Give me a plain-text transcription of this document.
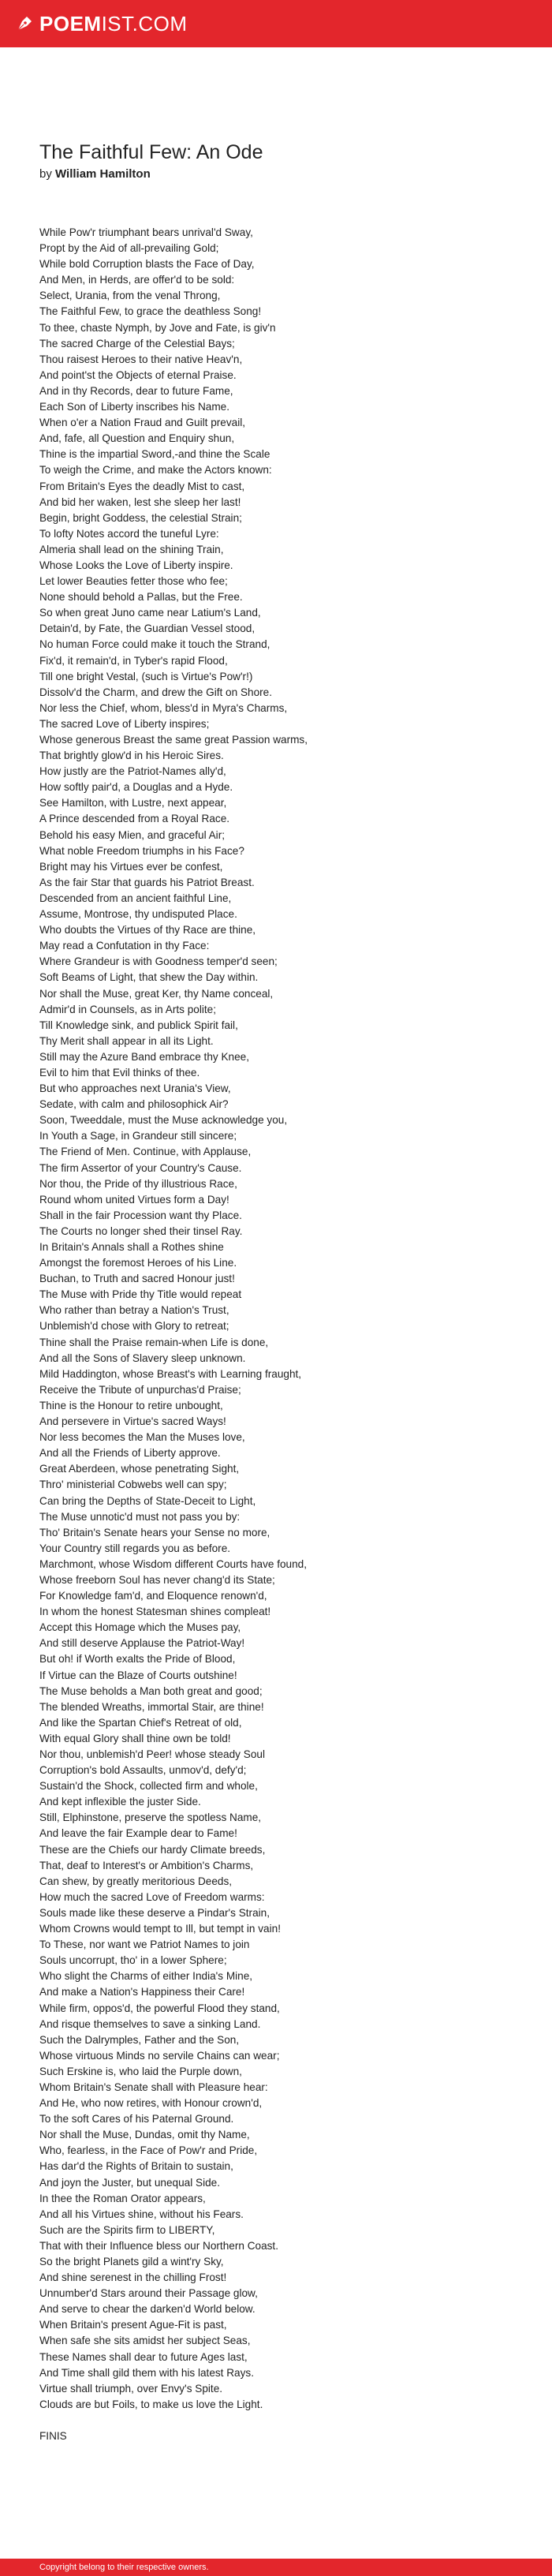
POEMIST.COM
The Faithful Few: An Ode
by William Hamilton
While Pow'r triumphant bears unrival'd Sway,
Propt by the Aid of all-prevailing Gold;
While bold Corruption blasts the Face of Day,
And Men, in Herds, are offer'd to be sold:
Select, Urania, from the venal Throng,
The Faithful Few, to grace the deathless Song!
To thee, chaste Nymph, by Jove and Fate, is giv'n
The sacred Charge of the Celestial Bays;
Thou raisest Heroes to their native Heav'n,
And point'st the Objects of eternal Praise.
And in thy Records, dear to future Fame,
Each Son of Liberty inscribes his Name.
When o'er a Nation Fraud and Guilt prevail,
And, fafe, all Question and Enquiry shun,
Thine is the impartial Sword,-and thine the Scale
To weigh the Crime, and make the Actors known:
From Britain's Eyes the deadly Mist to cast,
And bid her waken, lest she sleep her last!
Begin, bright Goddess, the celestial Strain;
To lofty Notes accord the tuneful Lyre:
Almeria shall lead on the shining Train,
Whose Looks the Love of Liberty inspire.
Let lower Beauties fetter those who fee;
None should behold a Pallas, but the Free.
So when great Juno came near Latium's Land,
Detain'd, by Fate, the Guardian Vessel stood,
No human Force could make it touch the Strand,
Fix'd, it remain'd, in Tyber's rapid Flood,
Till one bright Vestal, (such is Virtue's Pow'r!)
Dissolv'd the Charm, and drew the Gift on Shore.
Nor less the Chief, whom, bless'd in Myra's Charms,
The sacred Love of Liberty inspires;
Whose generous Breast the same great Passion warms,
That brightly glow'd in his Heroic Sires.
How justly are the Patriot-Names ally'd,
How softly pair'd, a Douglas and a Hyde.
See Hamilton, with Lustre, next appear,
A Prince descended from a Royal Race.
Behold his easy Mien, and graceful Air;
What noble Freedom triumphs in his Face?
Bright may his Virtues ever be confest,
As the fair Star that guards his Patriot Breast.
Descended from an ancient faithful Line,
Assume, Montrose, thy undisputed Place.
Who doubts the Virtues of thy Race are thine,
May read a Confutation in thy Face:
Where Grandeur is with Goodness temper'd seen;
Soft Beams of Light, that shew the Day within.
Nor shall the Muse, great Ker, thy Name conceal,
Admir'd in Counsels, as in Arts polite;
Till Knowledge sink, and publick Spirit fail,
Thy Merit shall appear in all its Light.
Still may the Azure Band embrace thy Knee,
Evil to him that Evil thinks of thee.
But who approaches next Urania's View,
Sedate, with calm and philosophick Air?
Soon, Tweeddale, must the Muse acknowledge you,
In Youth a Sage, in Grandeur still sincere;
The Friend of Men. Continue, with Applause,
The firm Assertor of your Country's Cause.
Nor thou, the Pride of thy illustrious Race,
Round whom united Virtues form a Day!
Shall in the fair Procession want thy Place.
The Courts no longer shed their tinsel Ray.
In Britain's Annals shall a Rothes shine
Amongst the foremost Heroes of his Line.
Buchan, to Truth and sacred Honour just!
The Muse with Pride thy Title would repeat
Who rather than betray a Nation's Trust,
Unblemish'd chose with Glory to retreat;
Thine shall the Praise remain-when Life is done,
And all the Sons of Slavery sleep unknown.
Mild Haddington, whose Breast's with Learning fraught,
Receive the Tribute of unpurchas'd Praise;
Thine is the Honour to retire unbought,
And persevere in Virtue's sacred Ways!
Nor less becomes the Man the Muses love,
And all the Friends of Liberty approve.
Great Aberdeen, whose penetrating Sight,
Thro' ministerial Cobwebs well can spy;
Can bring the Depths of State-Deceit to Light,
The Muse unnotic'd must not pass you by:
Tho' Britain's Senate hears your Sense no more,
Your Country still regards you as before.
Marchmont, whose Wisdom different Courts have found,
Whose freeborn Soul has never chang'd its State;
For Knowledge fam'd, and Eloquence renown'd,
In whom the honest Statesman shines compleat!
Accept this Homage which the Muses pay,
And still deserve Applause the Patriot-Way!
But oh! if Worth exalts the Pride of Blood,
If Virtue can the Blaze of Courts outshine!
The Muse beholds a Man both great and good;
The blended Wreaths, immortal Stair, are thine!
And like the Spartan Chief's Retreat of old,
With equal Glory shall thine own be told!
Nor thou, unblemish'd Peer! whose steady Soul
Corruption's bold Assaults, unmov'd, defy'd;
Sustain'd the Shock, collected firm and whole,
And kept inflexible the juster Side.
Still, Elphinstone, preserve the spotless Name,
And leave the fair Example dear to Fame!
These are the Chiefs our hardy Climate breeds,
That, deaf to Interest's or Ambition's Charms,
Can shew, by greatly meritorious Deeds,
How much the sacred Love of Freedom warms:
Souls made like these deserve a Pindar's Strain,
Whom Crowns would tempt to Ill, but tempt in vain!
To These, nor want we Patriot Names to join
Souls uncorrupt, tho' in a lower Sphere;
Who slight the Charms of either India's Mine,
And make a Nation's Happiness their Care!
While firm, oppos'd, the powerful Flood they stand,
And risque themselves to save a sinking Land.
Such the Dalrymples, Father and the Son,
Whose virtuous Minds no servile Chains can wear;
Such Erskine is, who laid the Purple down,
Whom Britain's Senate shall with Pleasure hear:
And He, who now retires, with Honour crown'd,
To the soft Cares of his Paternal Ground.
Nor shall the Muse, Dundas, omit thy Name,
Who, fearless, in the Face of Pow'r and Pride,
Has dar'd the Rights of Britain to sustain,
And joyn the Juster, but unequal Side.
In thee the Roman Orator appears,
And all his Virtues shine, without his Fears.
Such are the Spirits firm to LIBERTY,
That with their Influence bless our Northern Coast.
So the bright Planets gild a wint'ry Sky,
And shine serenest in the chilling Frost!
Unnumber'd Stars around their Passage glow,
And serve to chear the darken'd World below.
When Britain's present Ague-Fit is past,
When safe she sits amidst her subject Seas,
These Names shall dear to future Ages last,
And Time shall gild them with his latest Rays.
Virtue shall triumph, over Envy's Spite.
Clouds are but Foils, to make us love the Light.
FINIS
Copyright belong to their respective owners.
